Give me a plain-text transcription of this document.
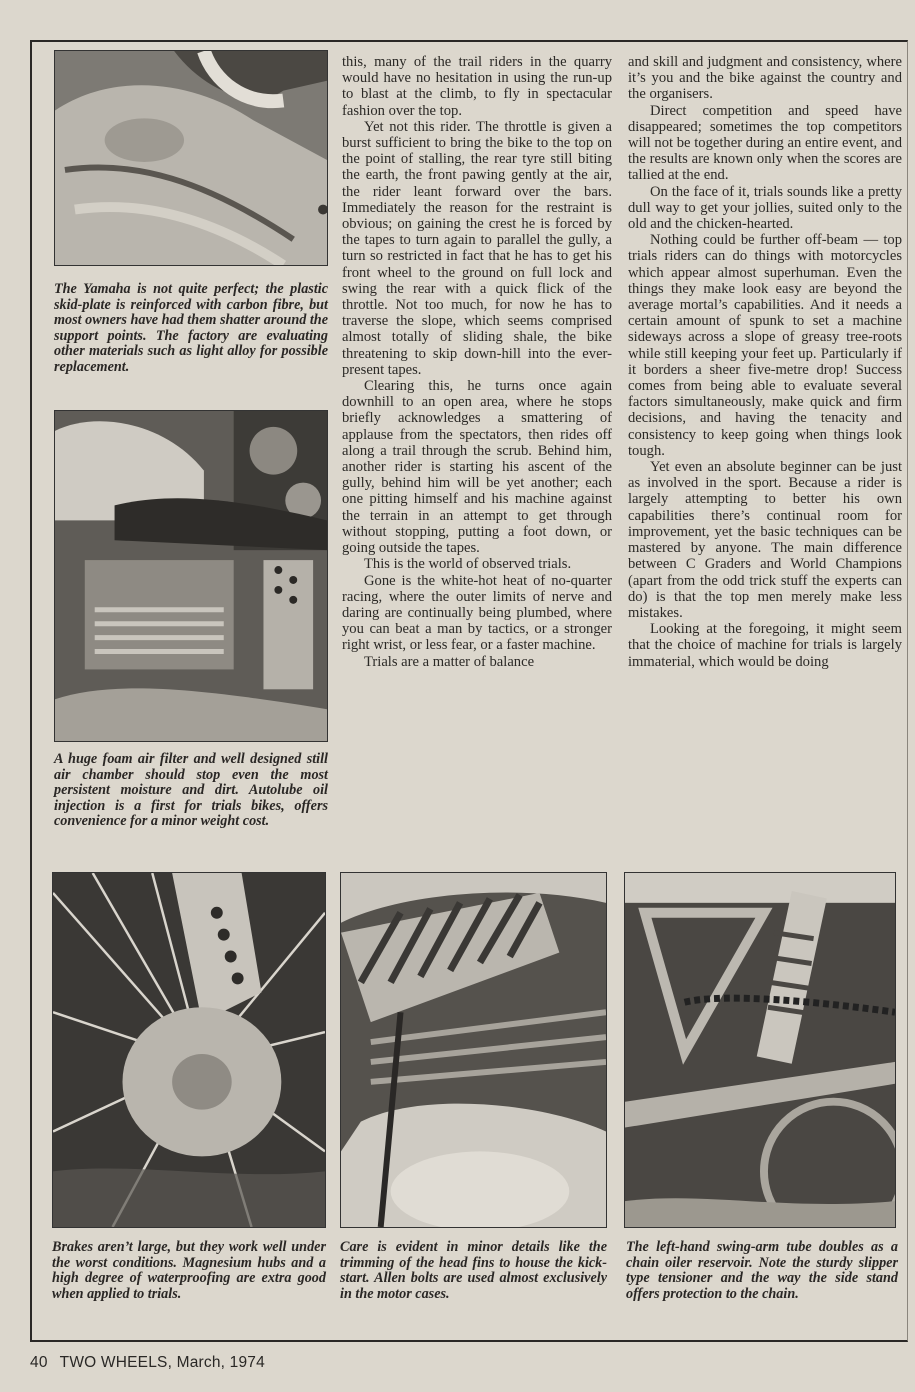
The Yamaha is not quite perfect; the plastic skid-plate is reinforced with carbon fibre, but most owners have had them shatter around the support points. The factory are evaluating other materials such as light alloy for possible replacement.

A huge foam air filter and well designed still air chamber should stop even the most persistent moisture and dirt. Autolube oil injection is a first for trials bikes, offers convenience for a minor weight cost.

this, many of the trail riders in the quarry would have no hesitation in using the run-up to blast at the climb, to fly in spectacular fashion over the top.

Yet not this rider. The throttle is given a burst sufficient to bring the bike to the top on the point of stalling, the rear tyre still biting the earth, the front pawing gently at the air, the rider leant forward over the bars. Immediately the reason for the restraint is obvious; on gaining the crest he is forced by the tapes to turn again to parallel the gully, a turn so restricted in fact that he has to get his front wheel to the ground on full lock and swing the rear with a quick flick of the throttle. Not too much, for now he has to traverse the slope, which seems comprised almost totally of sliding shale, the bike threatening to skip down-hill into the ever-present tapes.

Clearing this, he turns once again downhill to an open area, where he stops briefly acknowledges a smattering of applause from the spectators, then rides off along a trail through the scrub. Behind him, another rider is starting his ascent of the gully, behind him will be yet another; each one pitting himself and his machine against the terrain in an attempt to get through without stopping, putting a foot down, or going outside the tapes.

This is the world of observed trials.

Gone is the white-hot heat of no-quarter racing, where the outer limits of nerve and daring are continually being plumbed, where you can beat a man by tactics, or a stronger right wrist, or less fear, or a faster machine.

Trials are a matter of balance

and skill and judgment and consistency, where it’s you and the bike against the country and the organisers.

Direct competition and speed have disappeared; sometimes the top competitors will not be together during an entire event, and the results are known only when the scores are tallied at the end.

On the face of it, trials sounds like a pretty dull way to get your jollies, suited only to the old and the chicken-hearted.

Nothing could be further off-beam — top trials riders can do things with motorcycles which appear almost superhuman. Even the things they make look easy are beyond the average mortal’s capabilities. And it needs a certain amount of spunk to set a machine sideways across a slope of greasy tree-roots while still keeping your feet up. Particularly if it borders a sheer five-metre drop! Success comes from being able to evaluate several factors simultaneously, make quick and firm decisions, and having the tenacity and consistency to keep going when things look tough.

Yet even an absolute beginner can be just as involved in the sport. Because a rider is largely attempting to better his own capabilities there’s continual room for improvement, yet the basic techniques can be mastered by anyone. The main difference between C Graders and World Champions (apart from the odd trick stuff the experts can do) is that the top men merely make less mistakes.

Looking at the foregoing, it might seem that the choice of machine for trials is largely immaterial, which would be doing

Brakes aren’t large, but they work well under the worst conditions. Magnesium hubs and a high degree of waterproofing are extra good when applied to trials.

Care is evident in minor details like the trimming of the head fins to house the kick-start. Allen bolts are used almost exclusively in the motor cases.

The left-hand swing-arm tube doubles as a chain oiler reservoir. Note the sturdy slipper type tensioner and the way the side stand offers protection to the chain.

40 TWO WHEELS, March, 1974
